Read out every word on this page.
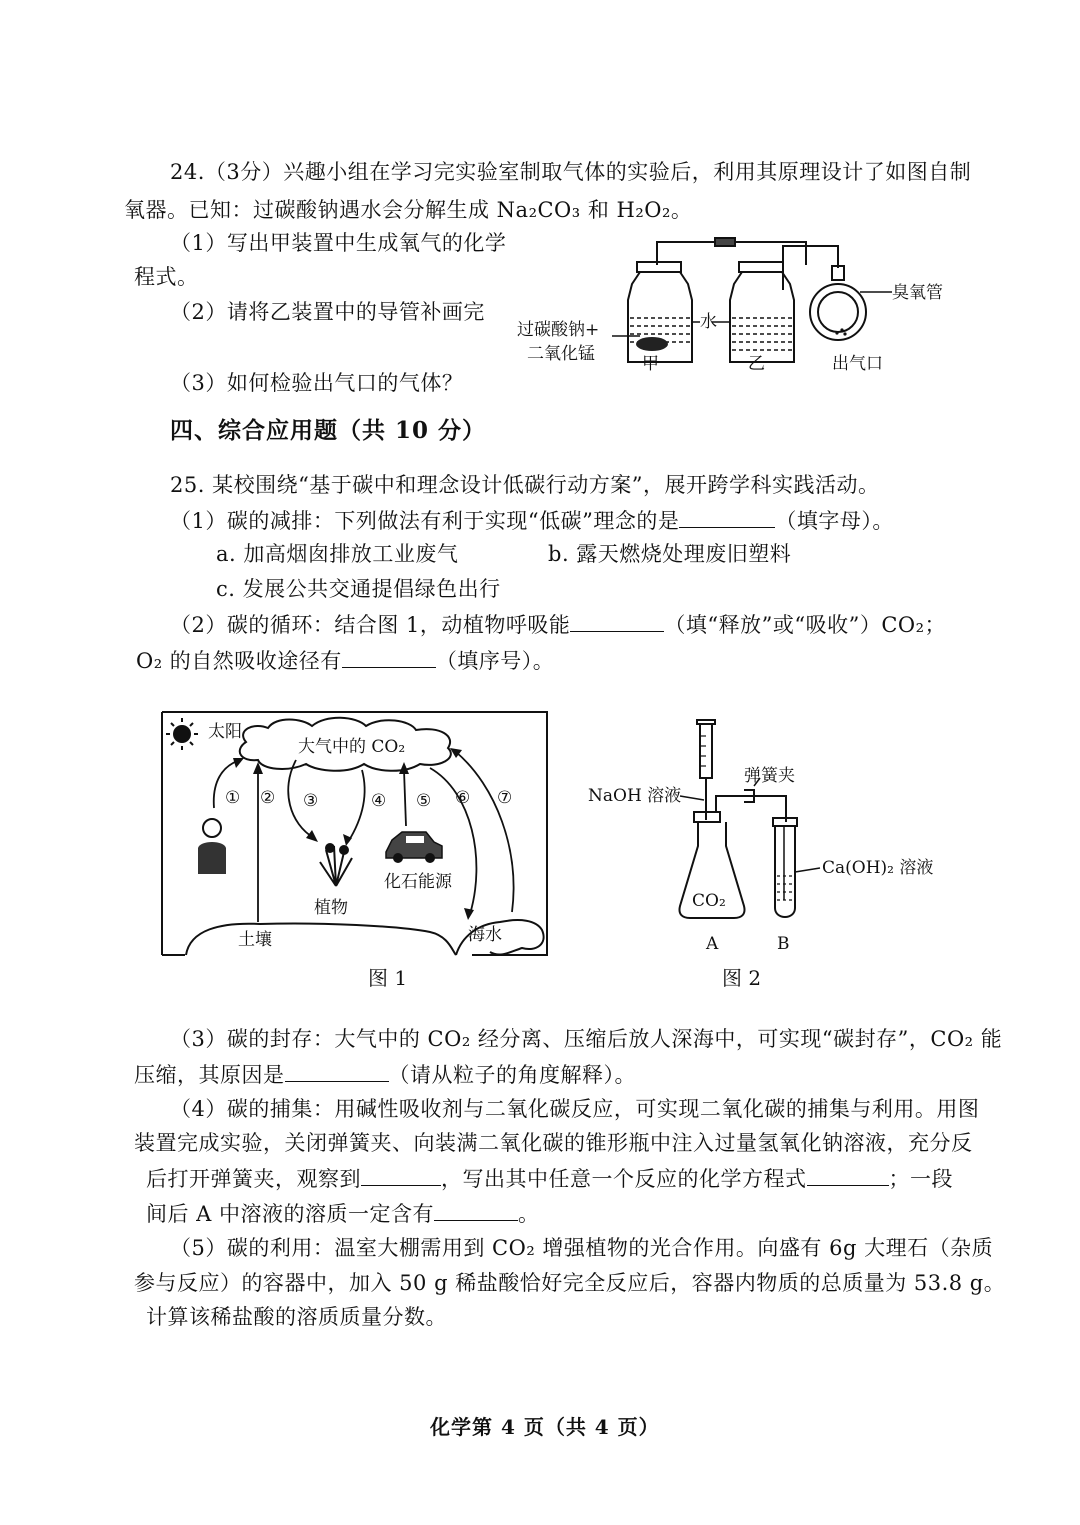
24.（3分）兴趣小组在学习完实验室制取气体的实验后，利用其原理设计了如图自制
氧器。已知：过碳酸钠遇水会分解生成 Na₂CO₃ 和 H₂O₂。
（1）写出甲装置中生成氧气的化学
程式。
（2）请将乙装置中的导管补画完
（3）如何检验出气口的气体？
过碳酸钠+
二氧化锰
水
甲	乙
臭氧管
出气口
四、综合应用题（共 10 分）
25. 某校围绕“基于碳中和理念设计低碳行动方案”，展开跨学科实践活动。
（1）碳的减排：下列做法有利于实现“低碳”理念的是	（填字母）。
a. 加高烟囱排放工业废气	b. 露天燃烧处理废旧塑料
c. 发展公共交通提倡绿色出行
（2）碳的循环：结合图 1，动植物呼吸能	（填“释放”或“吸收”）CO₂；
O₂ 的自然吸收途径有	（填序号）。
太阳
大气中的 CO₂
① ② ③	④ ⑤ ⑥ ⑦
植物
化石能源
土壤	海水
图 1
NaOH 溶液
弹簧夹
Ca(OH)₂ 溶液
CO₂
A	B
图 2
（3）碳的封存：大气中的 CO₂ 经分离、压缩后放人深海中，可实现“碳封存”，CO₂ 能
压缩，其原因是	（请从粒子的角度解释）。
（4）碳的捕集：用碱性吸收剂与二氧化碳反应，可实现二氧化碳的捕集与利用。用图
装置完成实验，关闭弹簧夹、向装满二氧化碳的锥形瓶中注入过量氢氧化钠溶液，充分反
后打开弹簧夹，观察到	，写出其中任意一个反应的化学方程式	；一段
间后 A 中溶液的溶质一定含有	。
（5）碳的利用：温室大棚需用到 CO₂ 增强植物的光合作用。向盛有 6g 大理石（杂质
参与反应）的容器中，加入 50 g 稀盐酸恰好完全反应后，容器内物质的总质量为 53.8 g。
计算该稀盐酸的溶质质量分数。
化学第 4 页（共 4 页）
